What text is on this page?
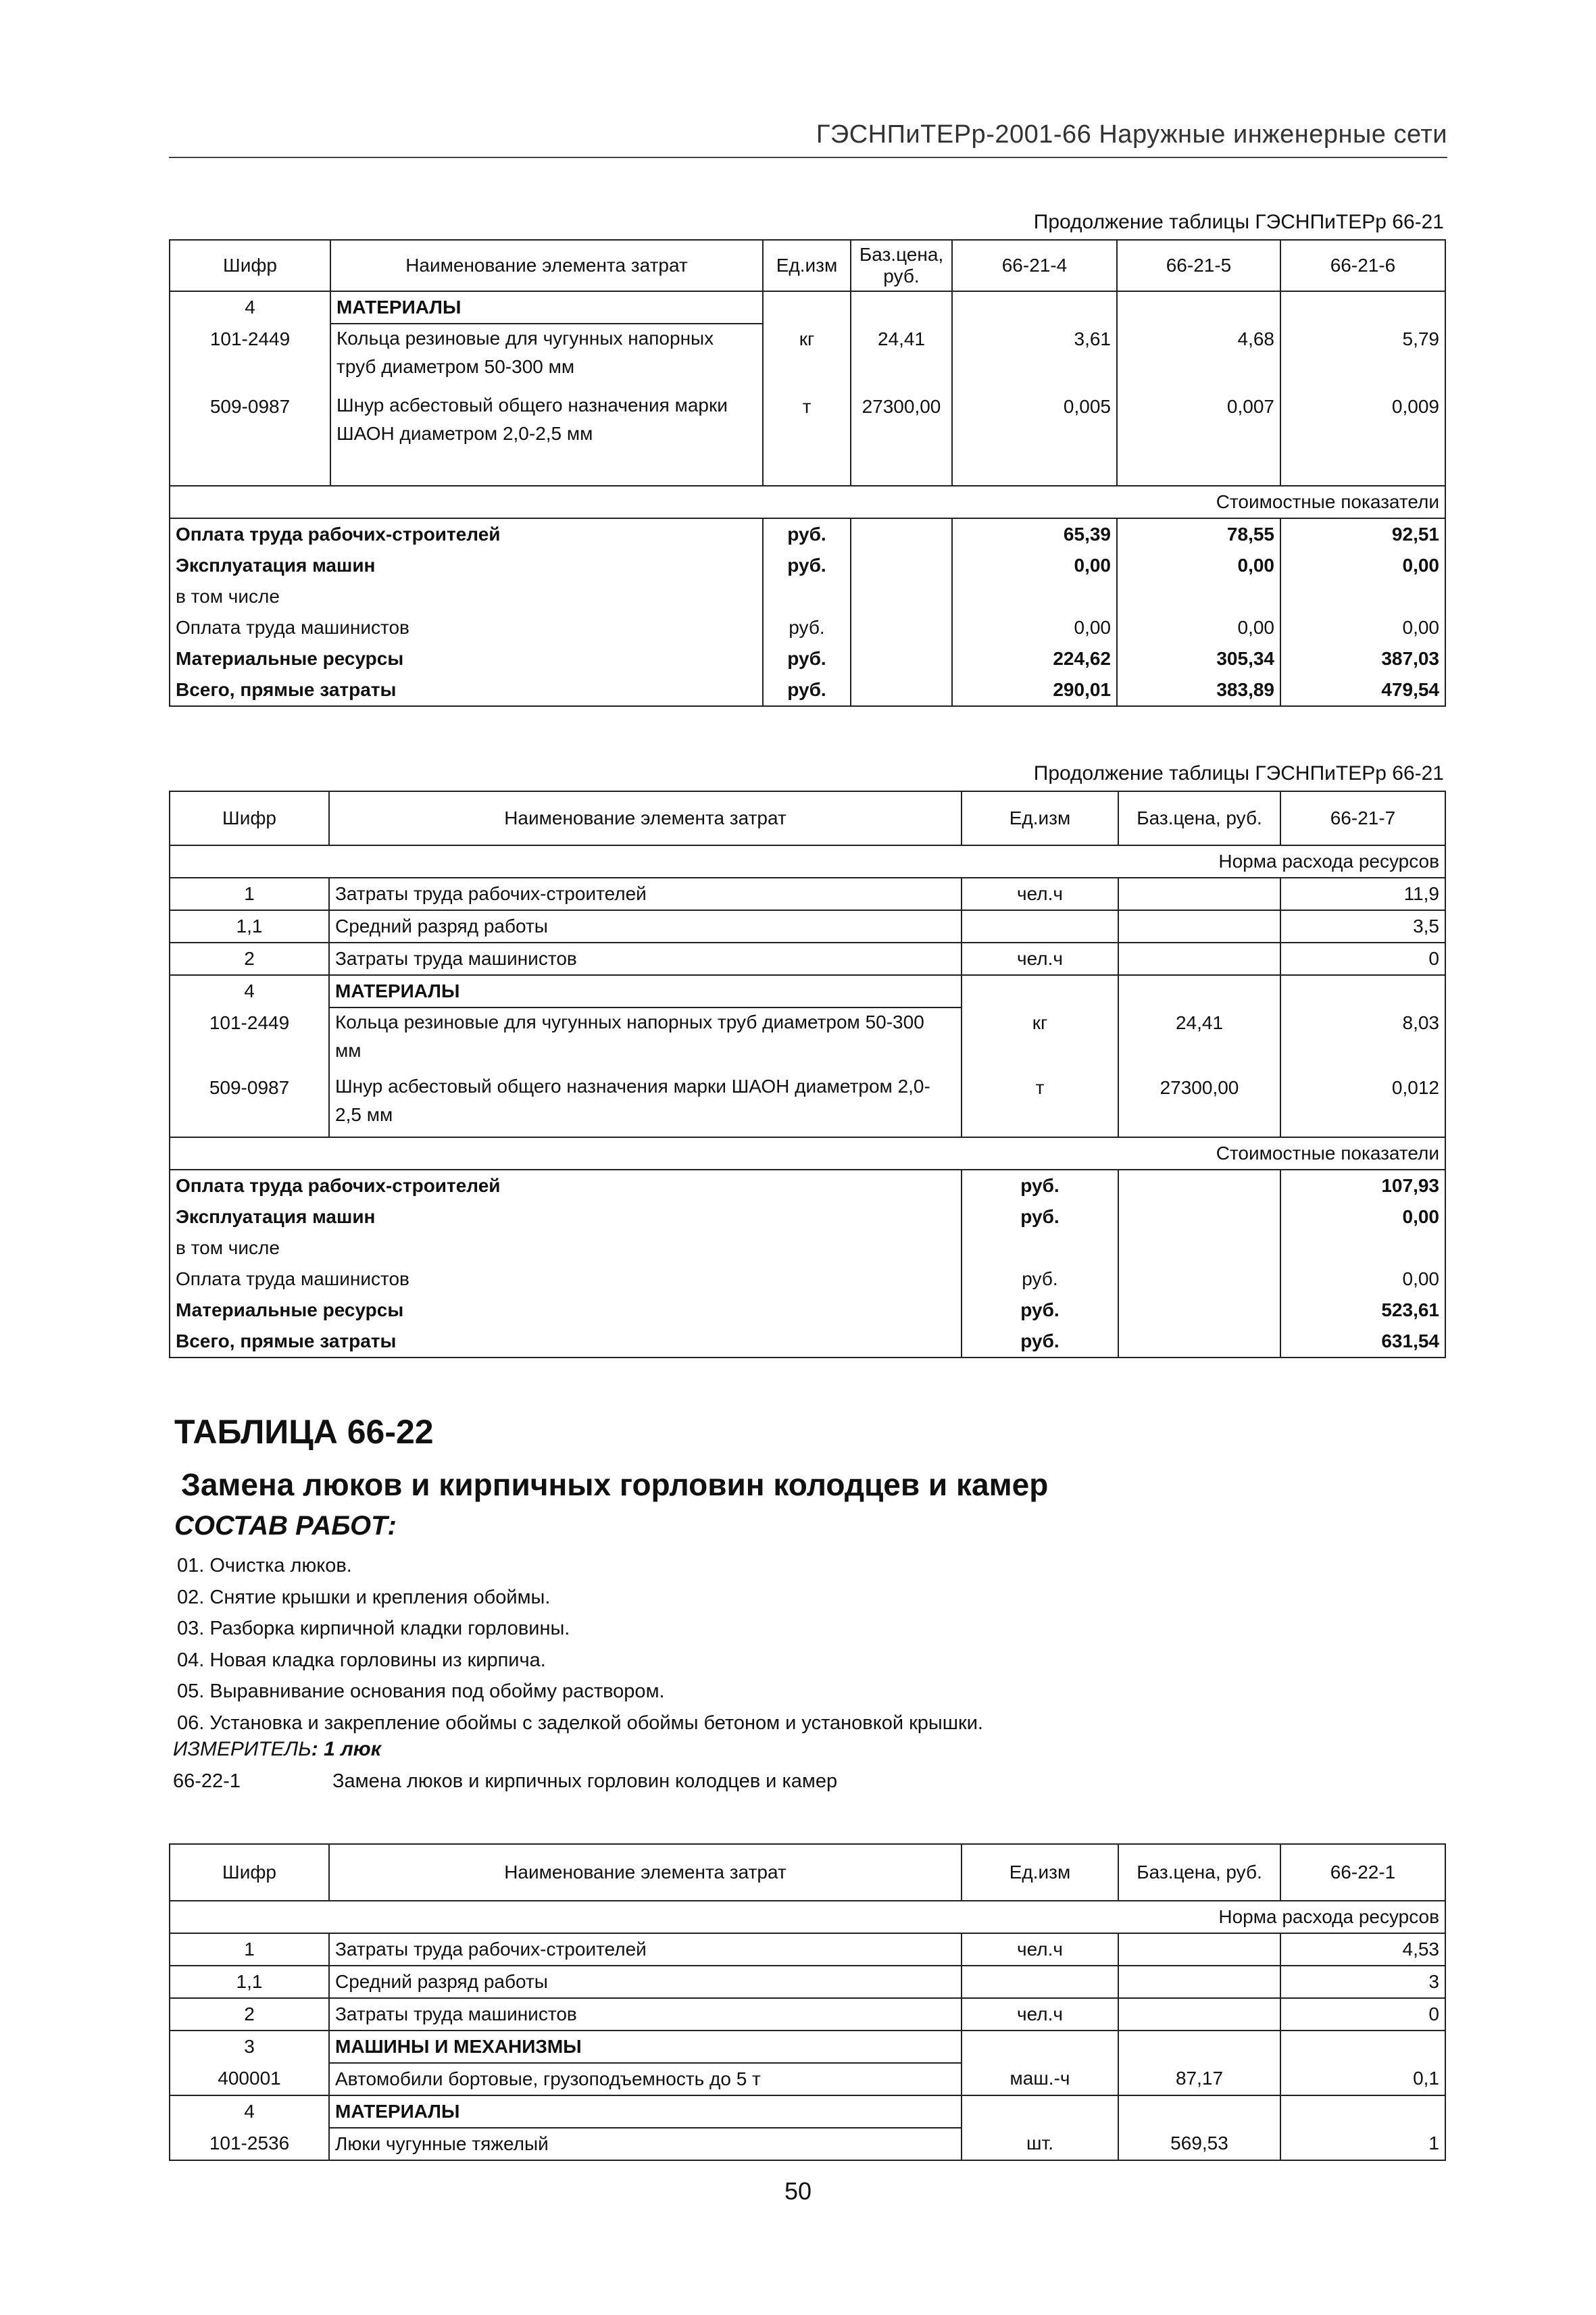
ГЭСНПиТЕРр-2001-66 Наружные инженерные сети
Продолжение таблицы ГЭСНПиТЕРр 66-21
Шифр	Наименование элемента затрат	Ед.изм	Баз.цена, руб.	66-21-4	66-21-5	66-21-6
4	МАТЕРИАЛЫ					
101-2449	Кольца резиновые для чугунных напорных труб диаметром 50-300 мм	кг	24,41	3,61	4,68	5,79
509-0987	Шнур асбестовый общего назначения марки ШАОН диаметром 2,0-2,5 мм	т	27300,00	0,005	0,007	0,009
Стоимостные показатели						
Оплата труда рабочих-строителей		руб.		65,39	78,55	92,51
Эксплуатация машин		руб.		0,00	0,00	0,00
в том числе						
Оплата труда машинистов		руб.		0,00	0,00	0,00
Материальные ресурсы		руб.		224,62	305,34	387,03
Всего, прямые затраты		руб.		290,01	383,89	479,54
Продолжение таблицы ГЭСНПиТЕРр 66-21
Шифр	Наименование элемента затрат	Ед.изм	Баз.цена, руб.	66-21-7
Норма расхода ресурсов				
1	Затраты труда рабочих-строителей	чел.ч		11,9
1,1	Средний разряд работы			3,5
2	Затраты труда машинистов	чел.ч		0
4	МАТЕРИАЛЫ			
101-2449	Кольца резиновые для чугунных напорных труб диаметром 50-300 мм	кг	24,41	8,03
509-0987	Шнур асбестовый общего назначения марки ШАОН диаметром 2,0-2,5 мм	т	27300,00	0,012
Стоимостные показатели				
Оплата труда рабочих-строителей		руб.		107,93
Эксплуатация машин		руб.		0,00
в том числе				
Оплата труда машинистов		руб.		0,00
Материальные ресурсы		руб.		523,61
Всего, прямые затраты		руб.		631,54
ТАБЛИЦА 66-22
Замена люков и кирпичных горловин колодцев и камер
СОСТАВ РАБОТ:
01. Очистка люков.
02. Снятие крышки и крепления обоймы.
03. Разборка кирпичной кладки горловины.
04. Новая кладка горловины из кирпича.
05. Выравнивание основания под обойму раствором.
06. Установка и закрепление обоймы с заделкой обоймы бетоном и установкой крышки.
ИЗМЕРИТЕЛЬ: 1 люк
66-22-1	Замена люков и кирпичных горловин колодцев и камер
Шифр	Наименование элемента затрат	Ед.изм	Баз.цена, руб.	66-22-1
Норма расхода ресурсов				
1	Затраты труда рабочих-строителей	чел.ч		4,53
1,1	Средний разряд работы			3
2	Затраты труда машинистов	чел.ч		0
3	МАШИНЫ И МЕХАНИЗМЫ			
400001	Автомобили бортовые, грузоподъемность до 5 т	маш.-ч	87,17	0,1
4	МАТЕРИАЛЫ			
101-2536	Люки чугунные тяжелый	шт.	569,53	1
50
